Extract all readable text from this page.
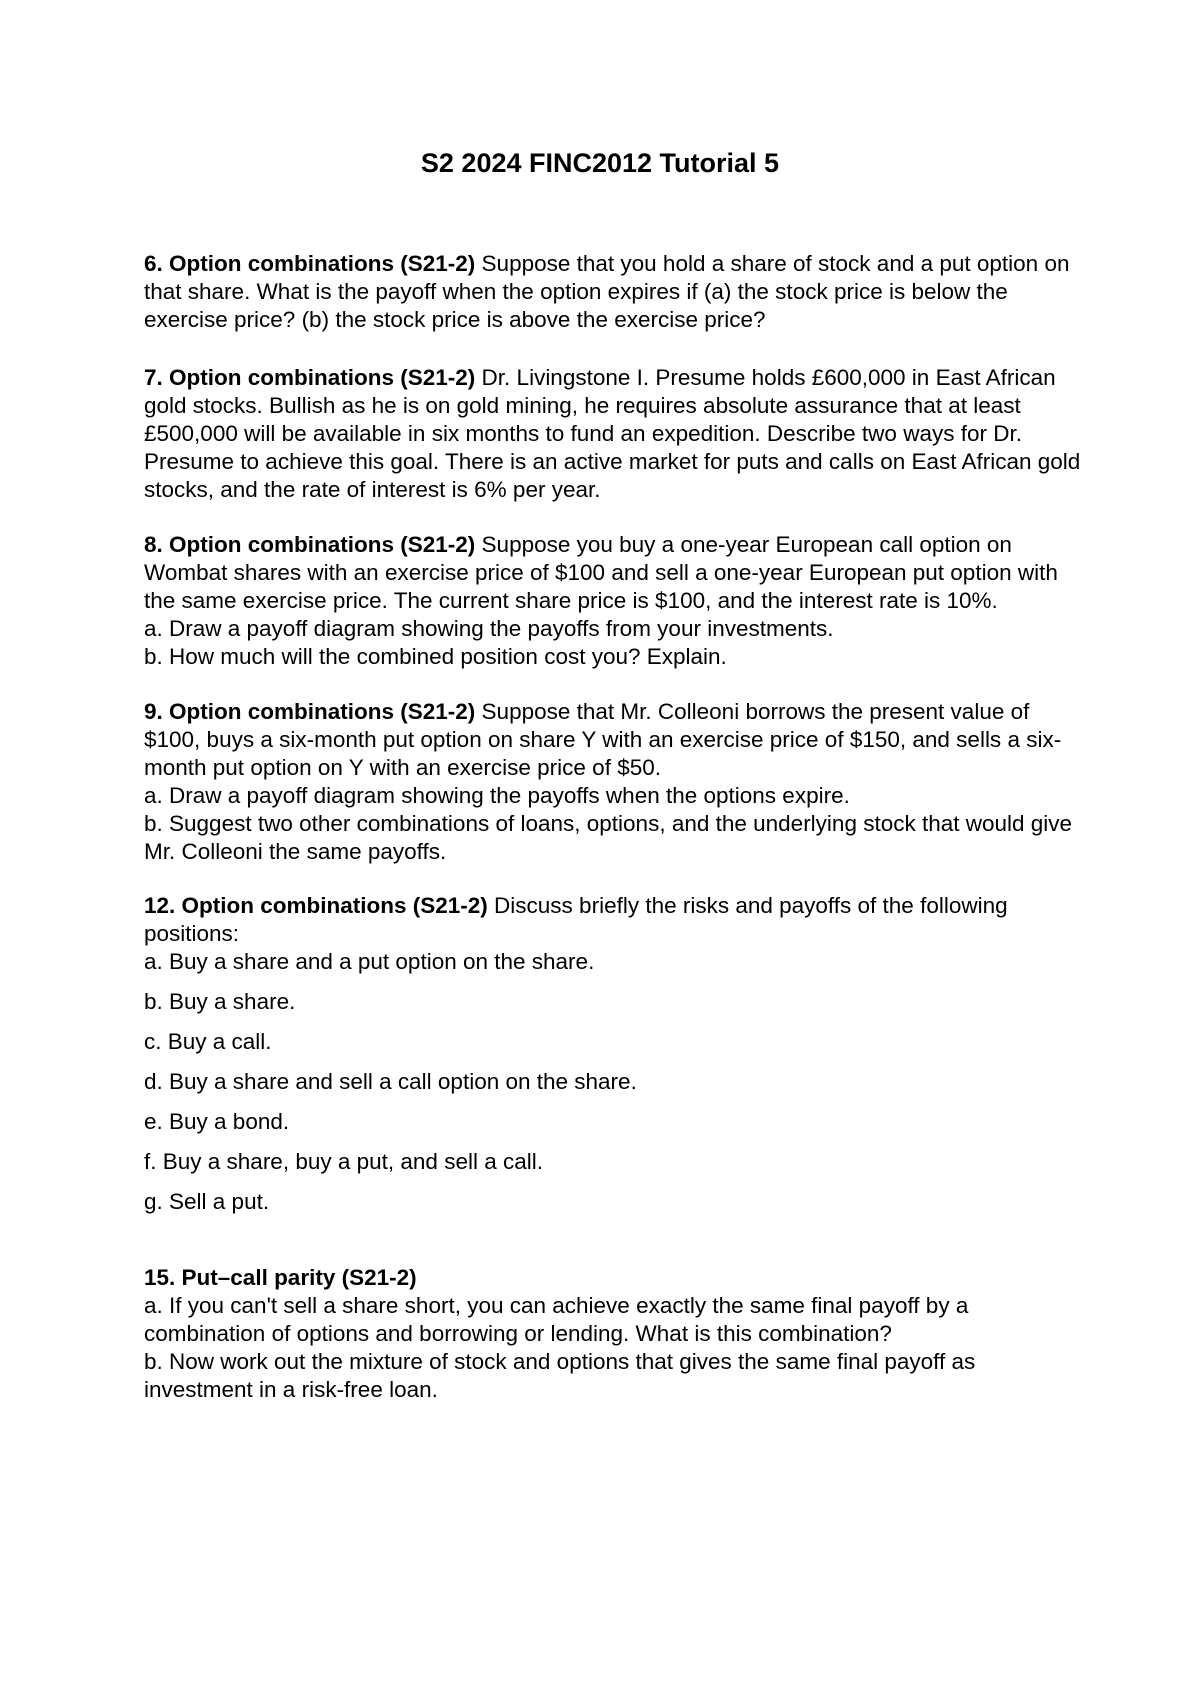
S2 2024 FINC2012 Tutorial 5

6. Option combinations (S21-2) Suppose that you hold a share of stock and a put option on that share. What is the payoff when the option expires if (a) the stock price is below the exercise price? (b) the stock price is above the exercise price?

7. Option combinations (S21-2) Dr. Livingstone I. Presume holds £600,000 in East African gold stocks. Bullish as he is on gold mining, he requires absolute assurance that at least £500,000 will be available in six months to fund an expedition. Describe two ways for Dr. Presume to achieve this goal. There is an active market for puts and calls on East African gold stocks, and the rate of interest is 6% per year.

8. Option combinations (S21-2) Suppose you buy a one-year European call option on Wombat shares with an exercise price of $100 and sell a one-year European put option with the same exercise price. The current share price is $100, and the interest rate is 10%.

a. Draw a payoff diagram showing the payoffs from your investments.

b. How much will the combined position cost you? Explain.

9. Option combinations (S21-2) Suppose that Mr. Colleoni borrows the present value of $100, buys a six-month put option on share Y with an exercise price of $150, and sells a six-month put option on Y with an exercise price of $50.

a. Draw a payoff diagram showing the payoffs when the options expire.

b. Suggest two other combinations of loans, options, and the underlying stock that would give Mr. Colleoni the same payoffs.

12. Option combinations (S21-2) Discuss briefly the risks and payoffs of the following positions:

a. Buy a share and a put option on the share.

b. Buy a share.

c. Buy a call.

d. Buy a share and sell a call option on the share.

e. Buy a bond.

f. Buy a share, buy a put, and sell a call.

g. Sell a put.

15. Put–call parity (S21-2)

a. If you can't sell a share short, you can achieve exactly the same final payoff by a combination of options and borrowing or lending. What is this combination?

b. Now work out the mixture of stock and options that gives the same final payoff as investment in a risk-free loan.
